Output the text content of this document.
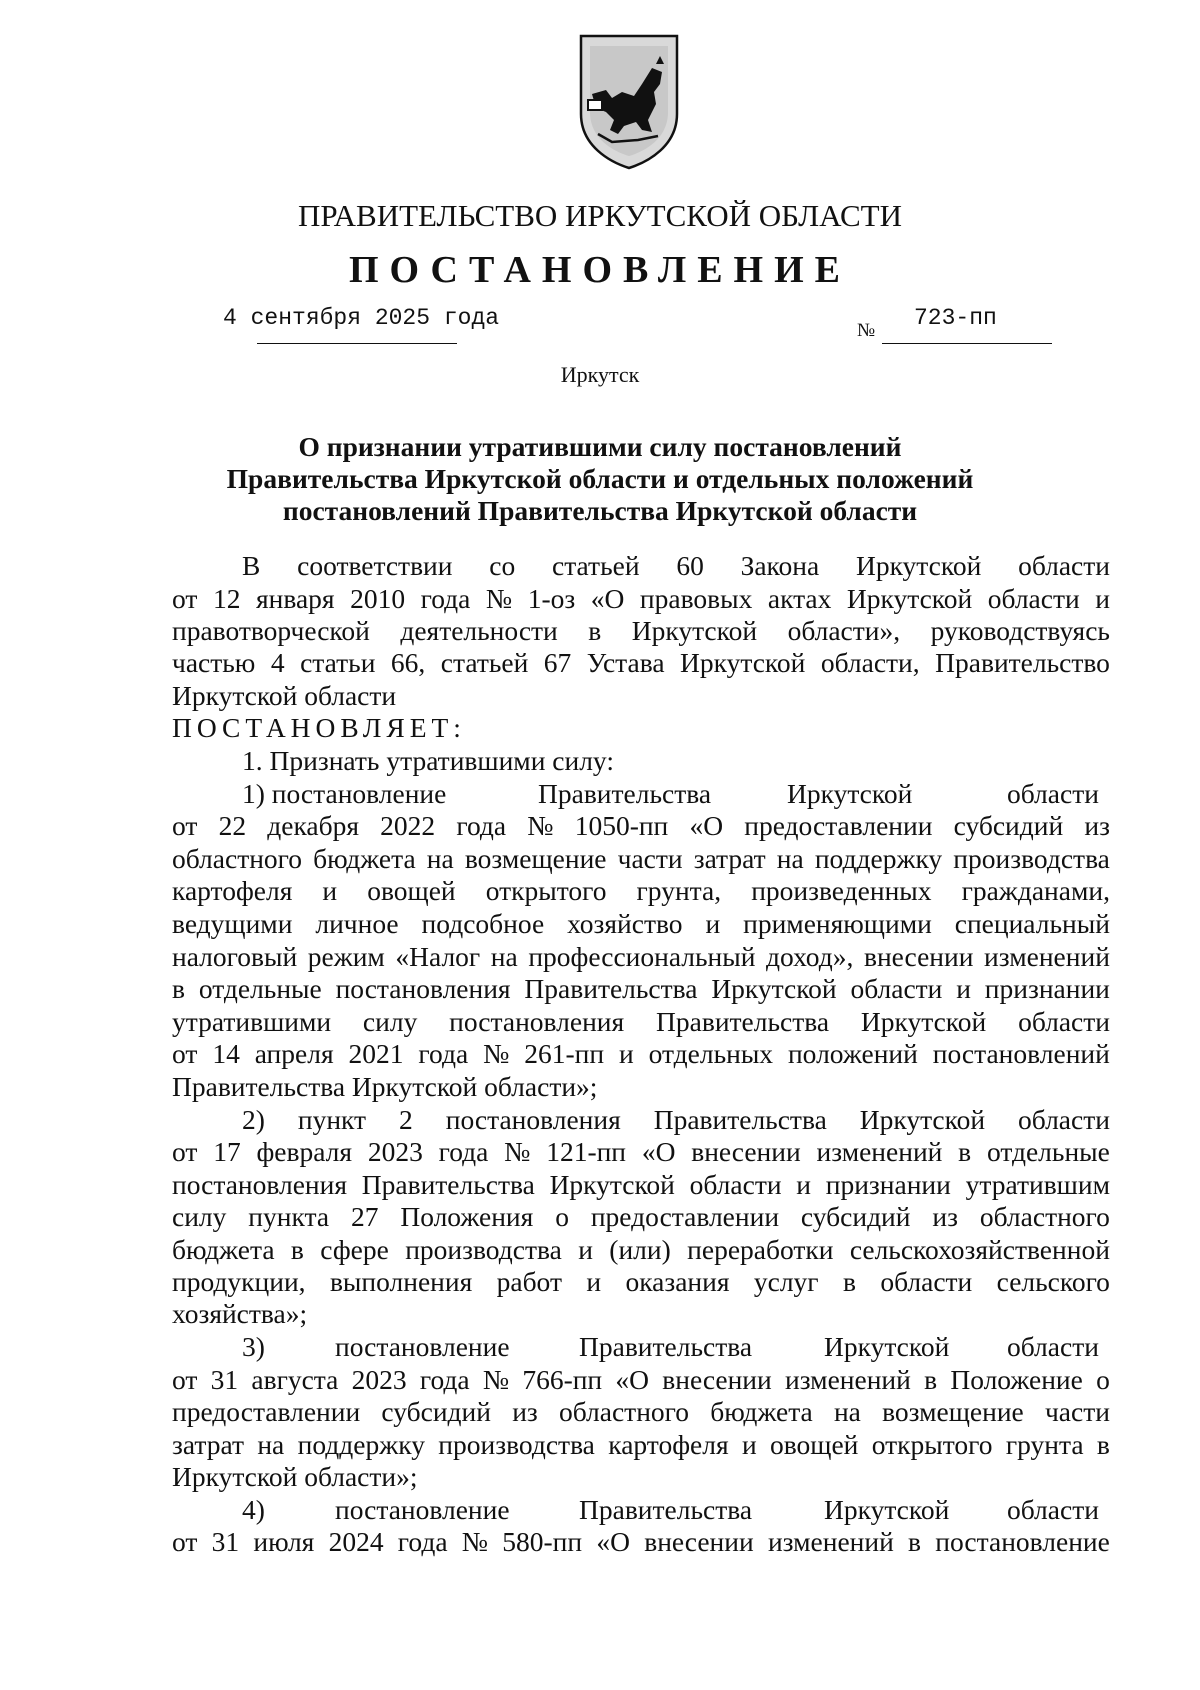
ПРАВИТЕЛЬСТВО ИРКУТСКОЙ ОБЛАСТИ
ПОСТАНОВЛЕНИЕ
4 сентября 2025 года	№ 723-пп
Иркутск
О признании утратившими силу постановлений
Правительства Иркутской области и отдельных положений
постановлений Правительства Иркутской области
В соответствии со статьей 60 Закона Иркутской области
от 12 января 2010 года № 1-оз «О правовых актах Иркутской области и
правотворческой деятельности в Иркутской области», руководствуясь
частью 4 статьи 66, статьей 67 Устава Иркутской области, Правительство
Иркутской области
ПОСТАНОВЛЯЕТ:
1. Признать утратившими силу:
1) постановление	Правительства	Иркутской	области
от 22 декабря 2022 года № 1050-пп «О предоставлении субсидий из
областного бюджета на возмещение части затрат на поддержку производства
картофеля и овощей открытого грунта, произведенных гражданами,
ведущими личное подсобное хозяйство и применяющими специальный
налоговый режим «Налог на профессиональный доход», внесении изменений
в отдельные постановления Правительства Иркутской области и признании
утратившими силу постановления Правительства Иркутской области
от 14 апреля 2021 года № 261-пп и отдельных положений постановлений
Правительства Иркутской области»;
2) пункт 2 постановления Правительства Иркутской области
от 17 февраля 2023 года № 121-пп «О внесении изменений в отдельные
постановления Правительства Иркутской области и признании утратившим
силу пункта 27 Положения о предоставлении субсидий из областного
бюджета в сфере производства и (или) переработки сельскохозяйственной
продукции, выполнения работ и оказания услуг в области сельского
хозяйства»;
3)	постановление	Правительства	Иркутской области
от 31 августа 2023 года № 766-пп «О внесении изменений в Положение о
предоставлении субсидий из областного бюджета на возмещение части
затрат на поддержку производства картофеля и овощей открытого грунта в
Иркутской области»;
4)	постановление	Правительства	Иркутской области
от 31 июля 2024 года № 580-пп «О внесении изменений в постановление
